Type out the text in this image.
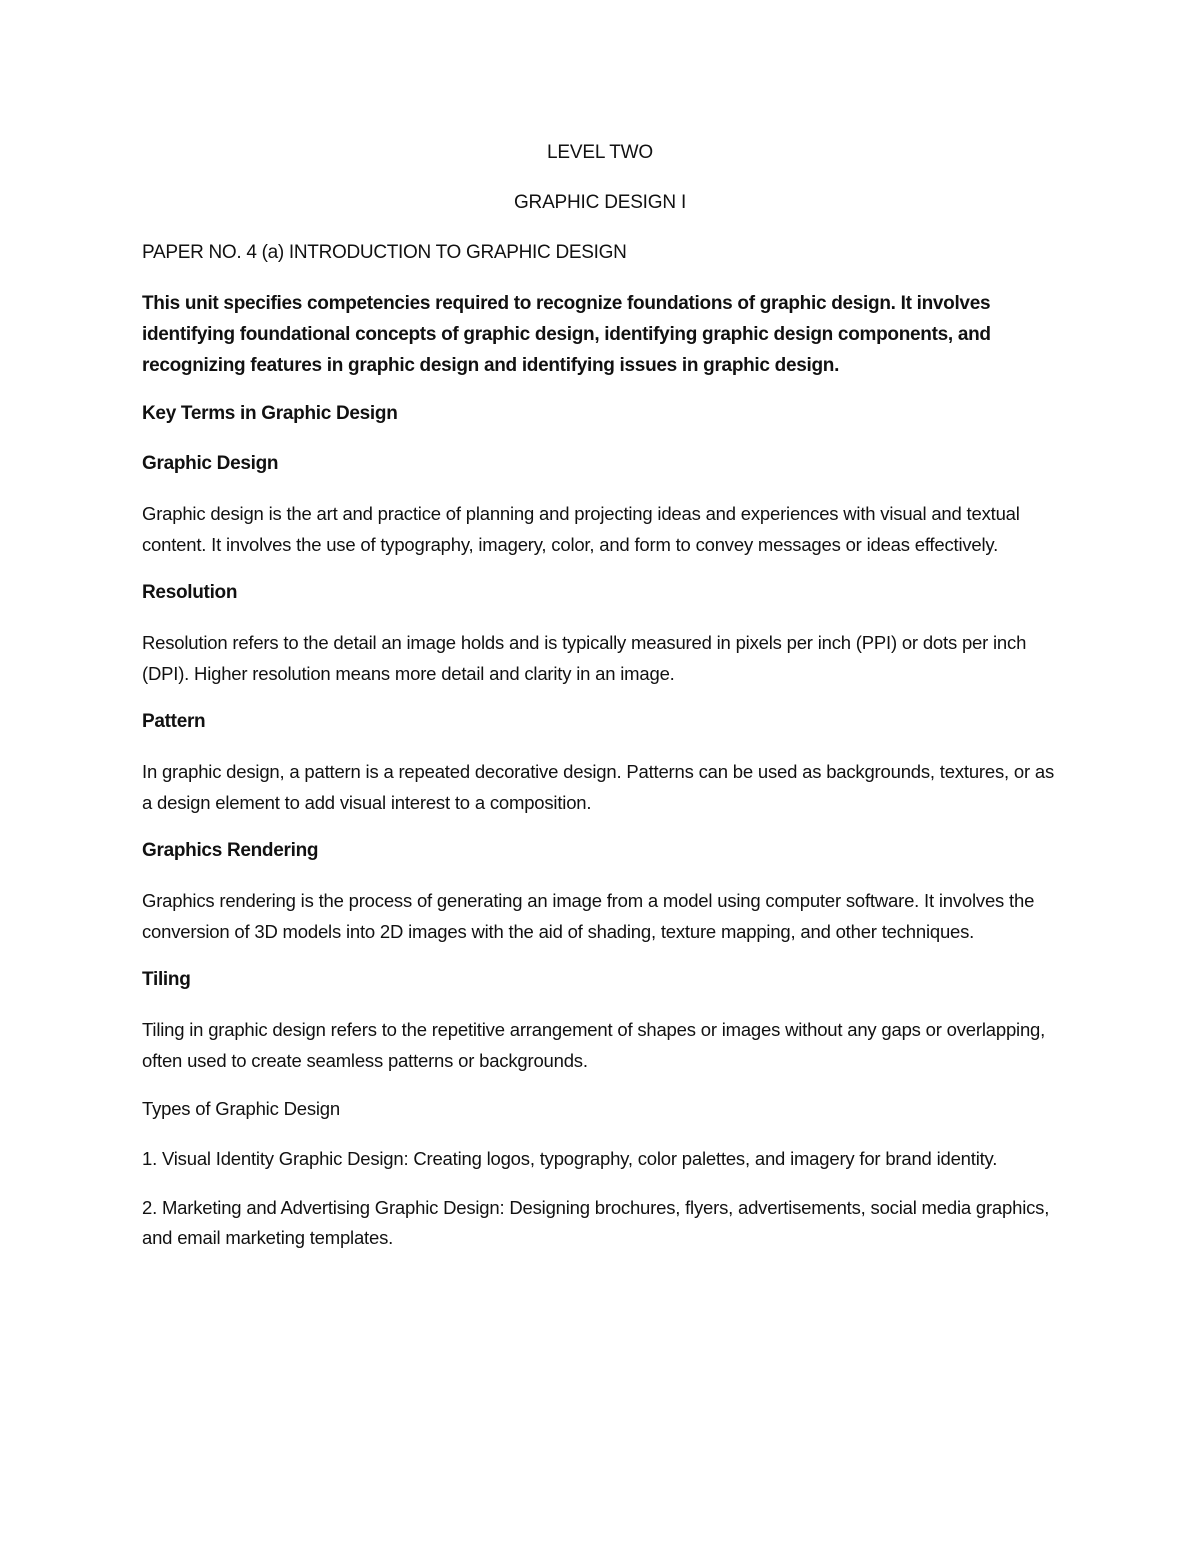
LEVEL TWO

GRAPHIC DESIGN I

PAPER NO. 4 (a) INTRODUCTION TO GRAPHIC DESIGN

This unit specifies competencies required to recognize foundations of graphic design. It involves identifying foundational concepts of graphic design, identifying graphic design components, and recognizing features in graphic design and identifying issues in graphic design.

Key Terms in Graphic Design

Graphic Design

Graphic design is the art and practice of planning and projecting ideas and experiences with visual and textual content. It involves the use of typography, imagery, color, and form to convey messages or ideas effectively.

Resolution

Resolution refers to the detail an image holds and is typically measured in pixels per inch (PPI) or dots per inch (DPI). Higher resolution means more detail and clarity in an image.

Pattern

In graphic design, a pattern is a repeated decorative design. Patterns can be used as backgrounds, textures, or as a design element to add visual interest to a composition.

Graphics Rendering

Graphics rendering is the process of generating an image from a model using computer software. It involves the conversion of 3D models into 2D images with the aid of shading, texture mapping, and other techniques.

Tiling

Tiling in graphic design refers to the repetitive arrangement of shapes or images without any gaps or overlapping, often used to create seamless patterns or backgrounds.

Types of Graphic Design

1. Visual Identity Graphic Design: Creating logos, typography, color palettes, and imagery for brand identity.

2. Marketing and Advertising Graphic Design: Designing brochures, flyers, advertisements, social media graphics, and email marketing templates.
